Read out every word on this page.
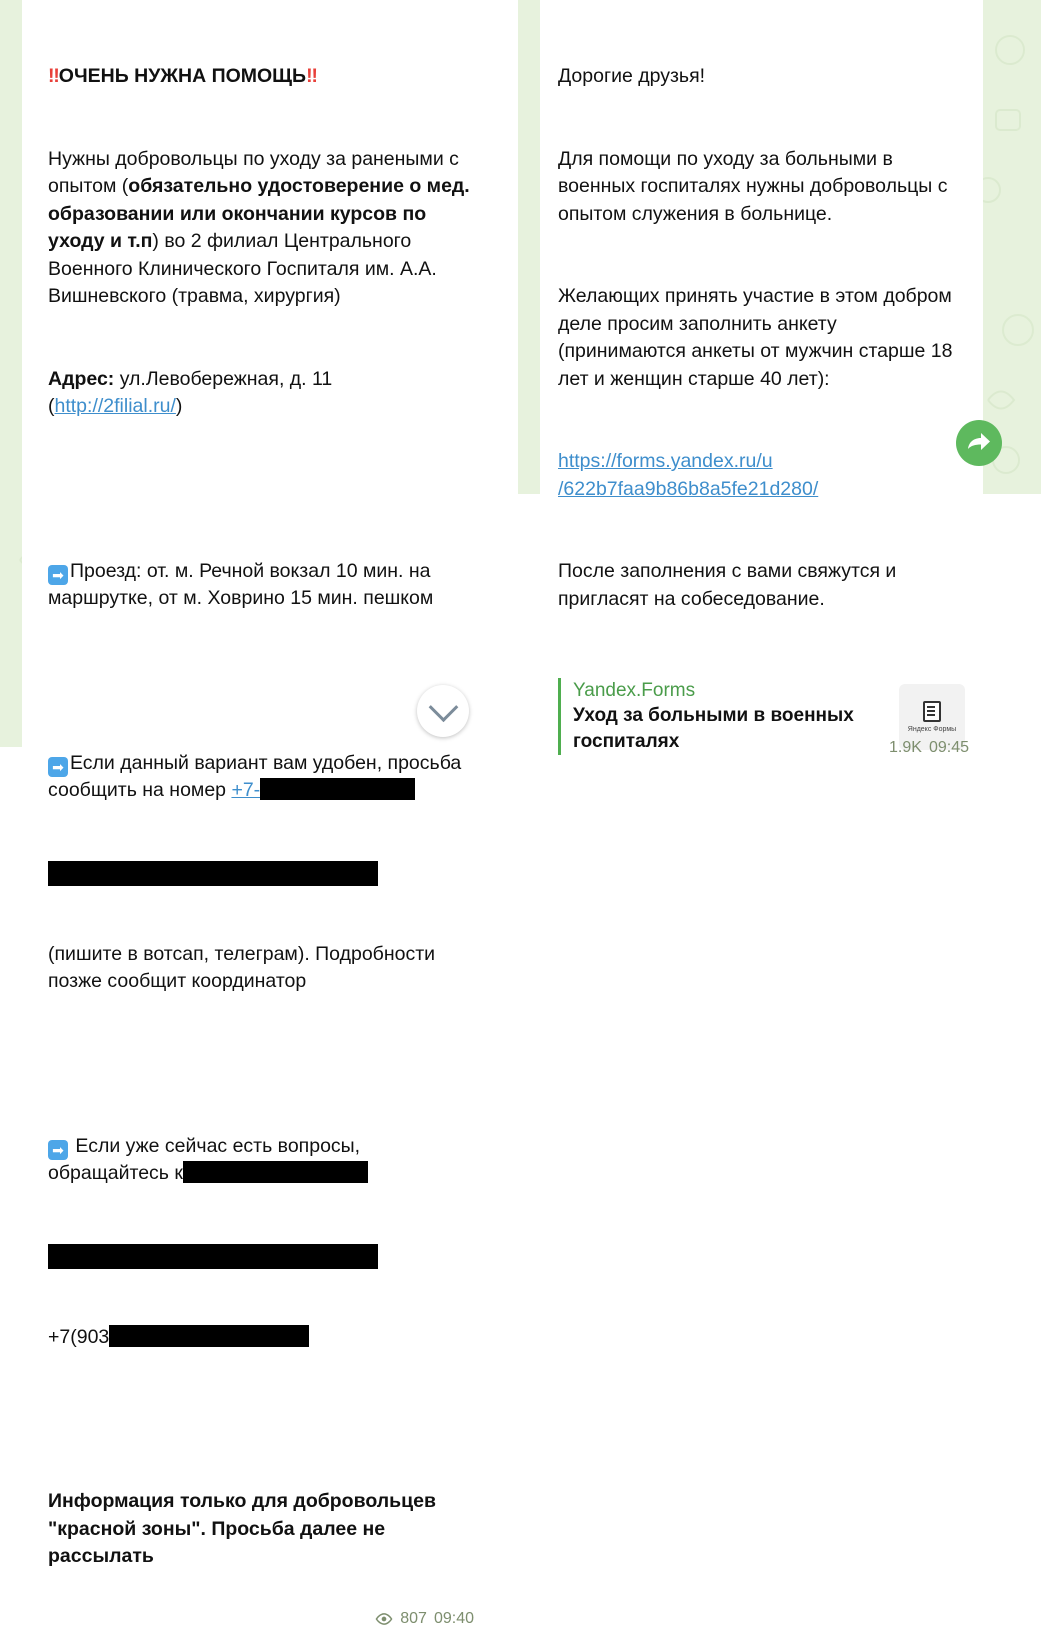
‼ОЧЕНЬ НУЖНА ПОМОЩЬ‼

Нужны добровольцы по уходу за ранеными с опытом (обязательно удостоверение о мед. образовании или окончании курсов по уходу и т.п) во 2 филиал Центрального Военного Клинического Госпиталя им. А.А. Вишневского (травма, хирургия)

Адрес: ул.Левобережная, д. 11
(http://2filial.ru/)

➡ Проезд: от. м. Речной вокзал 10 мин. на маршрутке, от м. Ховрино 15 мин. пешком

➡ Если данный вариант вам удобен, просьба сообщить на номер +7-

(пишите в вотсап, телеграм). Подробности позже сообщит координатор

➡ Если уже сейчас есть вопросы, обращайтесь к

+7(903

Информация только для добровольцев "красной зоны". Просьба далее не рассылать

807 09:40

Дорогие друзья!

Для помощи по уходу за больными в военных госпиталях нужны добровольцы с опытом служения в больнице.

Желающих принять участие в этом добром деле просим заполнить анкету (принимаются анкеты от мужчин старше 18 лет и женщин старше 40 лет):

https://forms.yandex.ru/u
/622b7faa9b86b8a5fe21d280/

После заполнения с вами свяжутся и пригласят на собеседование.

Yandex.Forms
Уход за больными в военных госпиталях
Яндекс Формы
1.9K 09:45
